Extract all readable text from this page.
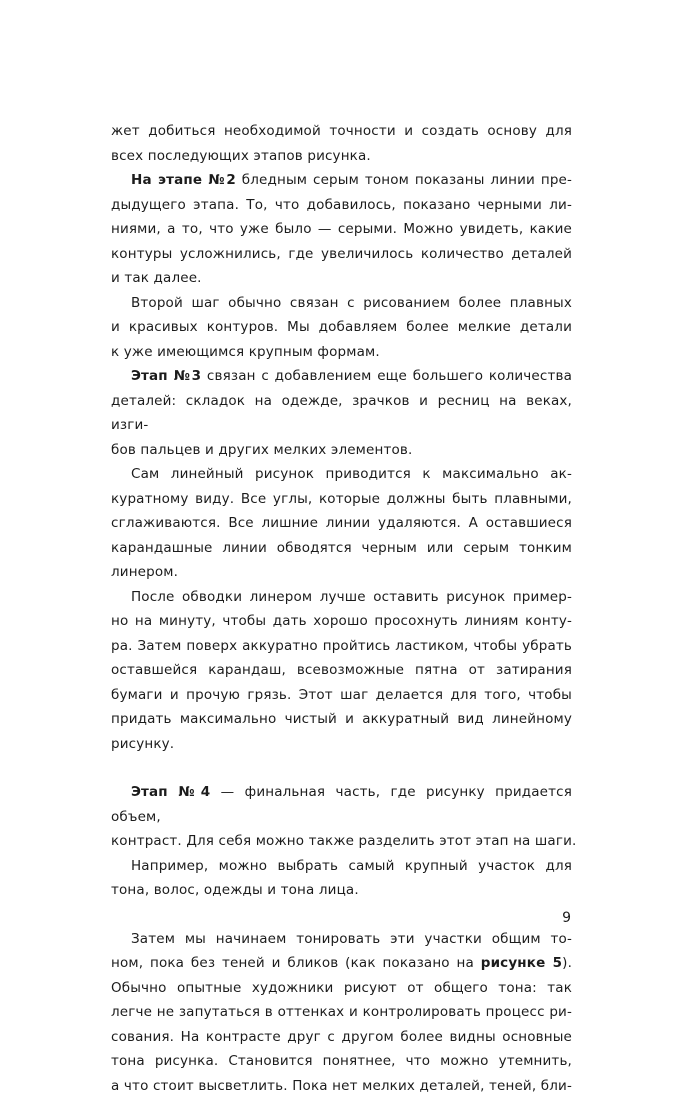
жет добиться необходимой точности и создать основу для
всех последующих этапов рисунка.

На этапе №2 бледным серым тоном показаны линии пре-
дыдущего этапа. То, что добавилось, показано черными ли-
ниями, а то, что уже было — серыми. Можно увидеть, какие
контуры усложнились, где увеличилось количество деталей
и так далее.

Второй шаг обычно связан с рисованием более плавных
и красивых контуров. Мы добавляем более мелкие детали
к уже имеющимся крупным формам.

Этап №3 связан с добавлением еще большего количества
деталей: складок на одежде, зрачков и ресниц на веках, изги-
бов пальцев и других мелких элементов.

Сам линейный рисунок приводится к максимально ак-
куратному виду. Все углы, которые должны быть плавными,
сглаживаются. Все лишние линии удаляются. А оставшиеся
карандашные линии обводятся черным или серым тонким
линером.

После обводки линером лучше оставить рисунок пример-
но на минуту, чтобы дать хорошо просохнуть линиям конту-
ра. Затем поверх аккуратно пройтись ластиком, чтобы убрать
оставшейся карандаш, всевозможные пятна от затирания
бумаги и прочую грязь. Этот шаг делается для того, чтобы
придать максимально чистый и аккуратный вид линейному
рисунку.

Этап №4 — финальная часть, где рисунку придается объем,
контраст. Для себя можно также разделить этот этап на шаги.

Например, можно выбрать самый крупный участок для
тона, волос, одежды и тона лица.

Затем мы начинаем тонировать эти участки общим то-
ном, пока без теней и бликов (как показано на рисунке 5).
Обычно опытные художники рисуют от общего тона: так
легче не запутаться в оттенках и контролировать процесс ри-
сования. На контрасте друг с другом более видны основные
тона рисунка. Становится понятнее, что можно утемнить,
а что стоит высветлить. Пока нет мелких деталей, теней, бли-

9
